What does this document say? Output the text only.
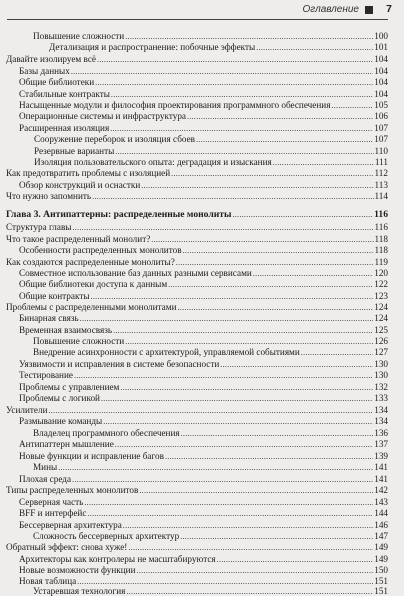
Оглавление	7
Повышение сложности .....	100
Детализация и распространение: побочные эффекты .....	101
Давайте изолируем всё .....	104
Базы данных .....	104
Общие библиотеки .....	104
Стабильные контракты .....	104
Насыщенные модули и философия проектирования программного обеспечения .....	105
Операционные системы и инфраструктура .....	106
Расширенная изоляция .....	107
Сооружение переборок и изоляция сбоев .....	107
Резервные варианты .....	110
Изоляция пользовательского опыта: деградация и изыскания .....	111
Как предотвратить проблемы с изоляцией .....	112
Обзор конструкций и оснастки .....	113
Что нужно запомнить .....	114
Глава 3. Антипаттерны: распределенные монолиты .....	116
Структура главы .....	116
Что такое распределенный монолит? .....	118
Особенности распределенных монолитов .....	118
Как создаются распределенные монолиты? .....	119
Совместное использование баз данных разными сервисами .....	120
Общие библиотеки доступа к данным .....	122
Общие контракты .....	123
Проблемы с распределенными монолитами .....	124
Бинарная связь .....	124
Временная взаимосвязь .....	125
Повышение сложности .....	126
Внедрение асинхронности с архитектурой, управляемой событиями .....	127
Уязвимости и исправления в системе безопасности .....	130
Тестирование .....	130
Проблемы с управлением .....	132
Проблемы с логикой .....	133
Усилители .....	134
Размывание команды .....	134
Владелец программного обеспечения .....	136
Антипаттерн мышление .....	137
Новые функции и исправление багов .....	139
Мины .....	141
Плохая среда .....	141
Типы распределенных монолитов .....	142
Серверная часть .....	143
BFF и интерфейс .....	144
Бессерверная архитектура .....	146
Сложность бессерверных архитектур .....	147
Обратный эффект: снова хуже! .....	149
Архитекторы как контролеры не масштабируются .....	149
Новые возможности функции .....	150
Новая таблица .....	151
Устаревшая технология .....	151
